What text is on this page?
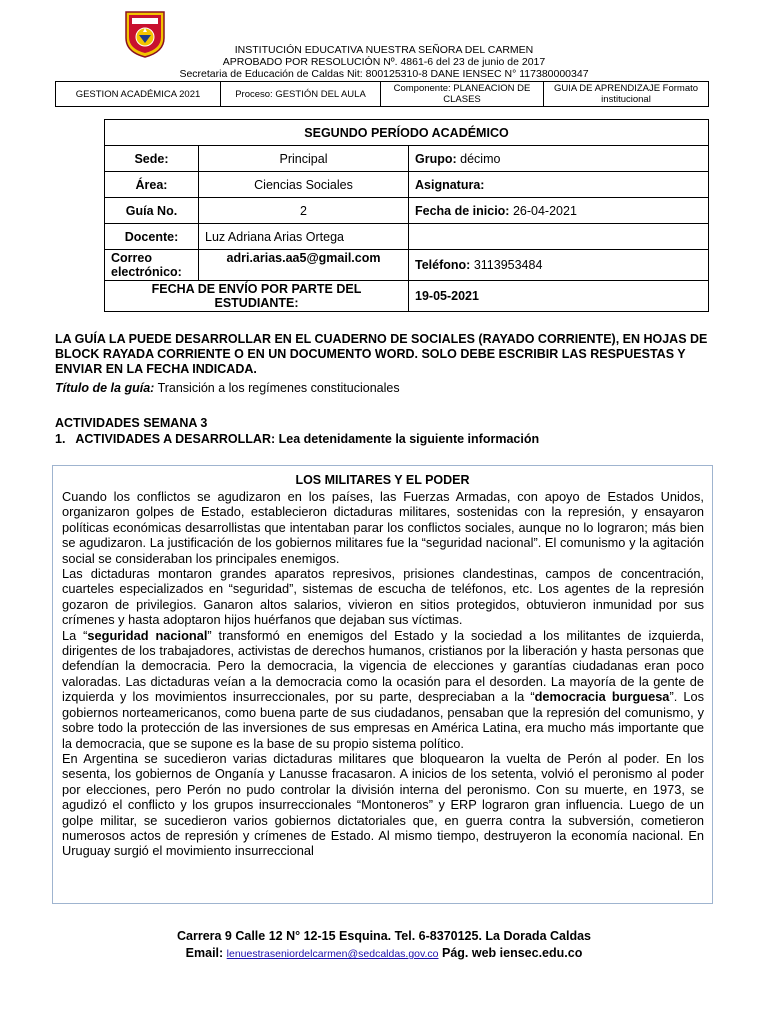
INSTITUCIÓN EDUCATIVA NUESTRA SEÑORA DEL CARMEN
APROBADO POR RESOLUCIÓN Nº. 4861-6 del 23 de junio de 2017
Secretaria de Educación de Caldas Nit: 800125310-8 DANE IENSEC N° 117380000347
GESTION ACADÉMICA 2021	Proceso: GESTIÓN DEL AULA	Componente: PLANEACION DE CLASES	GUIA DE APRENDIZAJE Formato institucional
SEGUNDO PERÍODO ACADÉMICO		
Sede:	Principal	Grupo: décimo
Área:	Ciencias Sociales	Asignatura:
Guía No.	2	Fecha de inicio: 26-04-2021
Docente:	Luz Adriana Arias Ortega	
Correo electrónico:	adri.arias.aa5@gmail.com	Teléfono: 3113953484
FECHA DE ENVÍO POR PARTE DEL ESTUDIANTE:		19-05-2021
LA GUÍA LA PUEDE DESARROLLAR EN EL CUADERNO DE SOCIALES (RAYADO CORRIENTE), EN HOJAS DE BLOCK RAYADA CORRIENTE O EN UN DOCUMENTO WORD. SOLO DEBE ESCRIBIR LAS RESPUESTAS Y ENVIAR EN LA FECHA INDICADA.
Título de la guía: Transición a los regímenes constitucionales
ACTIVIDADES SEMANA 3
1.   ACTIVIDADES A DESARROLLAR: Lea detenidamente la siguiente información
LOS MILITARES Y EL PODER

Cuando los conflictos se agudizaron en los países, las Fuerzas Armadas, con apoyo de Estados Unidos, organizaron golpes de Estado, establecieron dictaduras militares, sostenidas con la represión, y ensayaron políticas económicas desarrollistas que intentaban parar los conflictos sociales, aunque no lo lograron; más bien se agudizaron. La justificación de los gobiernos militares fue la “seguridad nacional”. El comunismo y la agitación social se consideraban los principales enemigos.

Las dictaduras montaron grandes aparatos represivos, prisiones clandestinas, campos de concentración, cuarteles especializados en “seguridad”, sistemas de escucha de teléfonos, etc. Los agentes de la represión gozaron de privilegios. Ganaron altos salarios, vivieron en sitios protegidos, obtuvieron inmunidad por sus crímenes y hasta adoptaron hijos huérfanos que dejaban sus víctimas.

La “seguridad nacional” transformó en enemigos del Estado y la sociedad a los militantes de izquierda, dirigentes de los trabajadores, activistas de derechos humanos, cristianos por la liberación y hasta personas que defendían la democracia. Pero la democracia, la vigencia de elecciones y garantías ciudadanas eran poco valoradas. Las dictaduras veían a la democracia como la ocasión para el desorden. La mayoría de la gente de izquierda y los movimientos insurreccionales, por su parte, despreciaban a la “democracia burguesa”. Los gobiernos norteamericanos, como buena parte de sus ciudadanos, pensaban que la represión del comunismo, y sobre todo la protección de las inversiones de sus empresas en América Latina, era mucho más importante que la democracia, que se supone es la base de su propio sistema político.

En Argentina se sucedieron varias dictaduras militares que bloquearon la vuelta de Perón al poder. En los sesenta, los gobiernos de Onganía y Lanusse fracasaron. A inicios de los setenta, volvió el peronismo al poder por elecciones, pero Perón no pudo controlar la división interna del peronismo. Con su muerte, en 1973, se agudizó el conflicto y los grupos insurreccionales “Montoneros” y ERP lograron gran influencia. Luego de un golpe militar, se sucedieron varios gobiernos dictatoriales que, en guerra contra la subversión, cometieron numerosos actos de represión y crímenes de Estado. Al mismo tiempo, destruyeron la economía nacional. En Uruguay surgió el movimiento insurreccional

Carrera 9 Calle 12 N° 12-15 Esquina. Tel. 6-8370125. La Dorada Caldas
Email: lenuestraseniordelcarmen@sedcaldas.gov.co Pág. web iensec.edu.co
